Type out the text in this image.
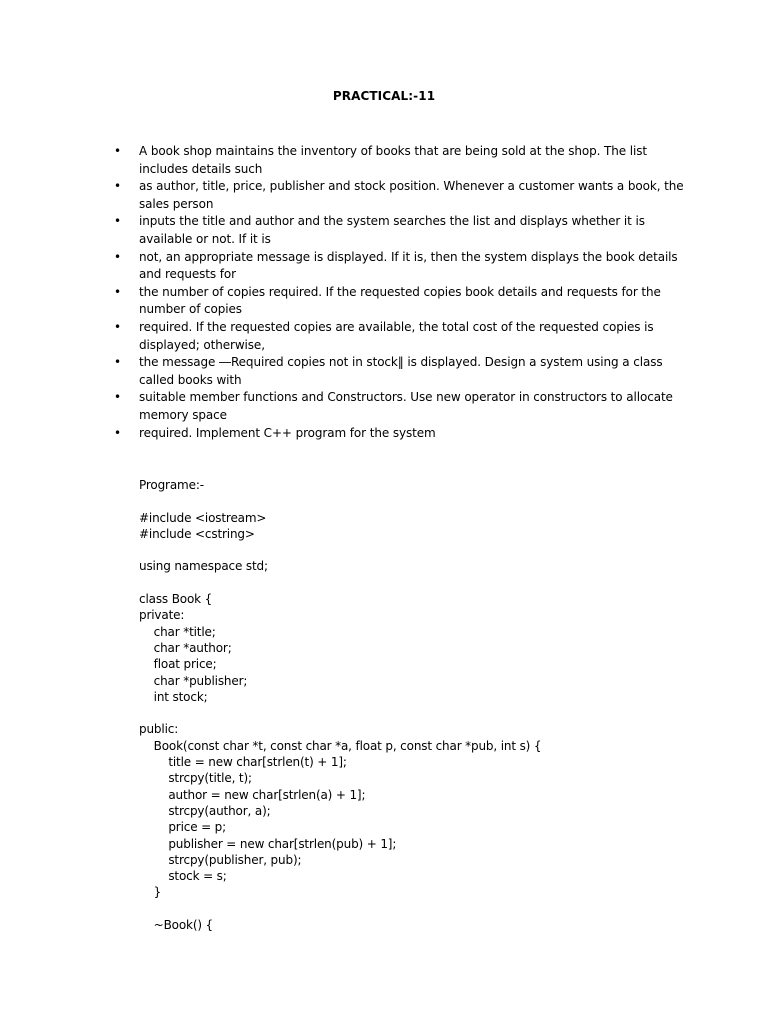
PRACTICAL:-11
• A book shop maintains the inventory of books that are being sold at the shop. The list includes details such
• as author, title, price, publisher and stock position. Whenever a customer wants a book, the sales person
• inputs the title and author and the system searches the list and displays whether it is available or not. If it is
• not, an appropriate message is displayed. If it is, then the system displays the book details and requests for
• the number of copies required. If the requested copies book details and requests for the number of copies
• required. If the requested copies are available, the total cost of the requested copies is displayed; otherwise,
• the message ―Required copies not in stock‖ is displayed. Design a system using a class called books with
• suitable member functions and Constructors. Use new operator in constructors to allocate memory space
• required. Implement C++ program for the system
Programe:-
#include <iostream>
#include <cstring>
using namespace std;
class Book {
private:
char *title;
char *author;
float price;
char *publisher;
int stock;
public:
Book(const char *t, const char *a, float p, const char *pub, int s) {
title = new char[strlen(t) + 1];
strcpy(title, t);
author = new char[strlen(a) + 1];
strcpy(author, a);
price = p;
publisher = new char[strlen(pub) + 1];
strcpy(publisher, pub);
stock = s;
}
~Book() {
